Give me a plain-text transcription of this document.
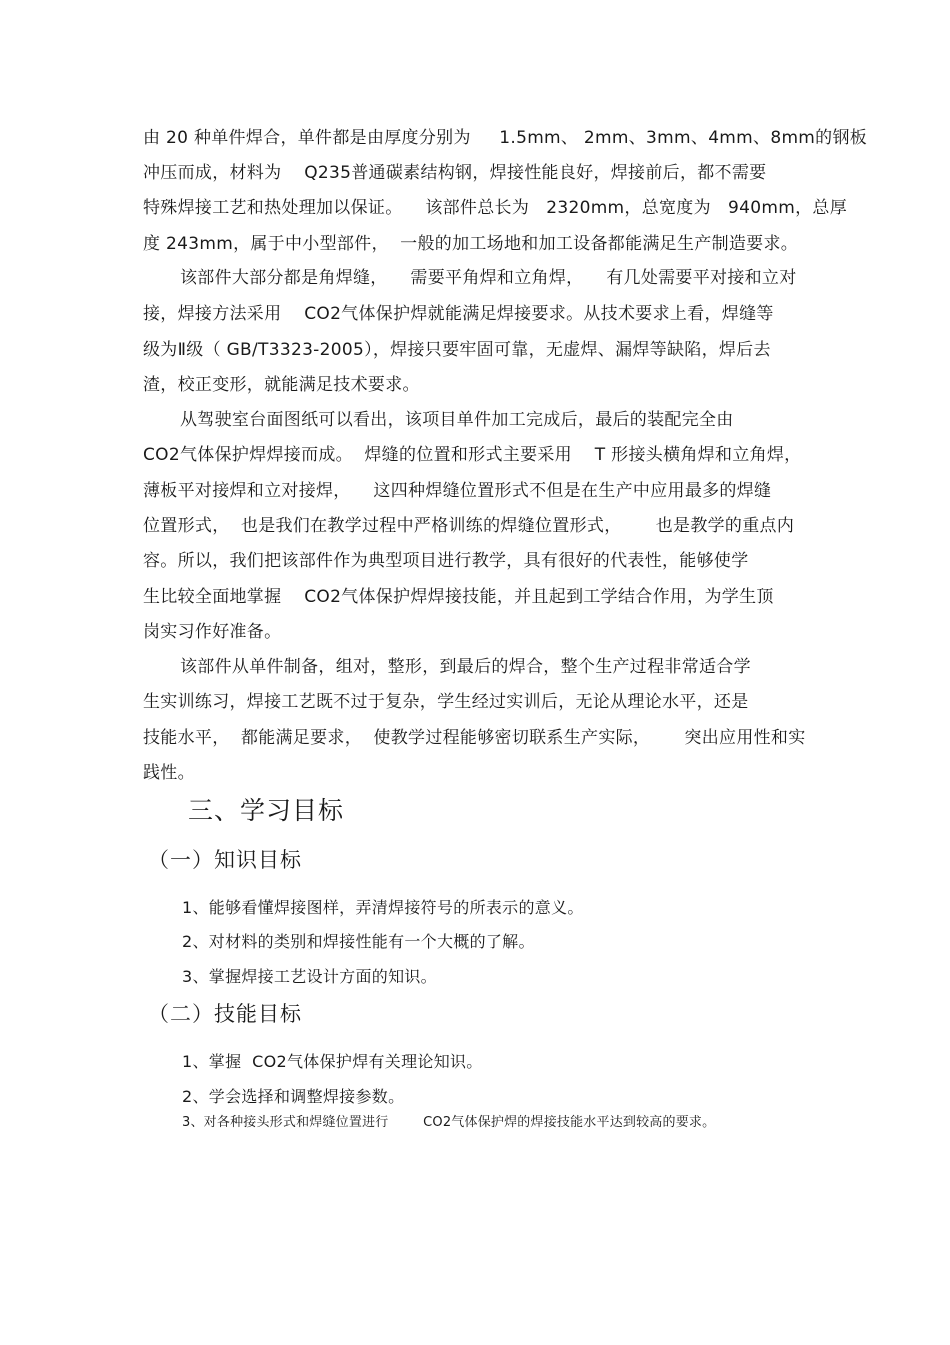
由 20 种单件焊合，单件都是由厚度分别为     1.5mm、 2mm、3mm、4mm、8mm的钢板
冲压而成，材料为    Q235普通碳素结构钢，焊接性能良好，焊接前后，都不需要
特殊焊接工艺和热处理加以保证。    该部件总长为   2320mm，总宽度为   940mm，总厚
度 243mm，属于中小型部件，  一般的加工场地和加工设备都能满足生产制造要求。
该部件大部分都是角焊缝，    需要平角焊和立角焊，    有几处需要平对接和立对
接，焊接方法采用    CO2气体保护焊就能满足焊接要求。从技术要求上看，焊缝等
级为Ⅱ级（ GB/T3323-2005），焊接只要牢固可靠，无虚焊、漏焊等缺陷，焊后去
渣，校正变形，就能满足技术要求。
从驾驶室台面图纸可以看出，该项目单件加工完成后，最后的装配完全由
CO2气体保护焊焊接而成。  焊缝的位置和形式主要采用    T 形接头横角焊和立角焊，
薄板平对接焊和立对接焊，    这四种焊缝位置形式不但是在生产中应用最多的焊缝
位置形式，  也是我们在教学过程中严格训练的焊缝位置形式，      也是教学的重点内
容。所以，我们把该部件作为典型项目进行教学，具有很好的代表性，能够使学
生比较全面地掌握    CO2气体保护焊焊接技能，并且起到工学结合作用，为学生顶
岗实习作好准备。
该部件从单件制备，组对，整形，到最后的焊合，整个生产过程非常适合学
生实训练习，焊接工艺既不过于复杂，学生经过实训后，无论从理论水平，还是
技能水平，  都能满足要求，  使教学过程能够密切联系生产实际，      突出应用性和实
践性。
三、学习目标
（一）知识目标
1、能够看懂焊接图样，弄清焊接符号的所表示的意义。
2、对材料的类别和焊接性能有一个大概的了解。
3、掌握焊接工艺设计方面的知识。
（二）技能目标
1、掌握  CO2气体保护焊有关理论知识。
2、学会选择和调整焊接参数。
3、对各种接头形式和焊缝位置进行        CO2气体保护焊的焊接技能水平达到较高的要求。
